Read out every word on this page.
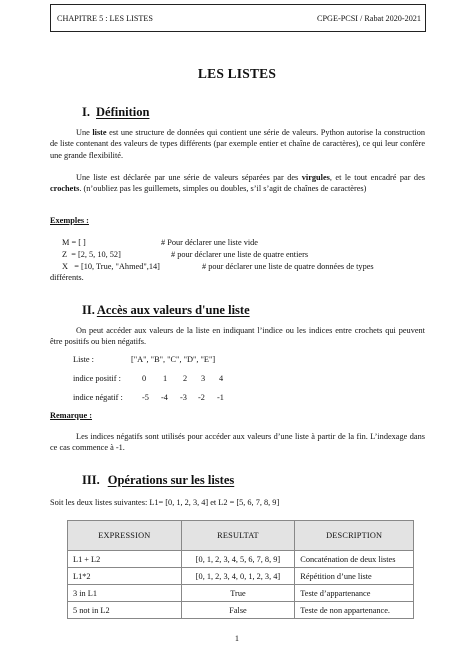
CHAPITRE 5 : LES LISTES	CPGE-PCSI / Rabat 2020-2021
LES LISTES
I. Définition
Une liste est une structure de données qui contient une série de valeurs. Python autorise la construction de liste contenant des valeurs de types différents (par exemple entier et chaîne de caractères), ce qui leur confère une grande flexibilité.
Une liste est déclarée par une série de valeurs séparées par des virgules, et le tout encadré par des crochets. (n’oubliez pas les guillemets, simples ou doubles, s’il s’agit de chaînes de caractères)
Exemples :
M = [ ]	# Pour déclarer une liste vide
Z  = [2, 5, 10, 52]	# pour déclarer une liste de quatre entiers
X   = [10, True, "Ahmed",14]	# pour déclarer une liste de quatre données de types
différents.
II. Accès aux valeurs d'une liste
On peut accéder aux valeurs de la liste en indiquant l’indice ou les indices entre crochets qui peuvent être positifs ou bien négatifs.
Liste :	["A", "B", "C", "D", "E"]
indice positif :	0 1 2 3 4
indice négatif : -5 -4 -3 -2 -1
Remarque :
Les indices négatifs sont utilisés pour accéder aux valeurs d’une liste à partir de la fin. L’indexage dans ce cas commence à -1.
III. Opérations sur les listes
Soit les deux listes suivantes: L1= [0, 1, 2, 3, 4] et L2 = [5, 6, 7, 8, 9]
EXPRESSION	RESULTAT	DESCRIPTION
L1 + L2	[0, 1, 2, 3, 4, 5, 6, 7, 8, 9]	Concaténation de deux listes
L1*2	[0, 1, 2, 3, 4, 0, 1, 2, 3, 4]	Répétition d’une liste
3 in L1	True	Teste d’appartenance
5 not in L2	False	Teste de non appartenance.
1
